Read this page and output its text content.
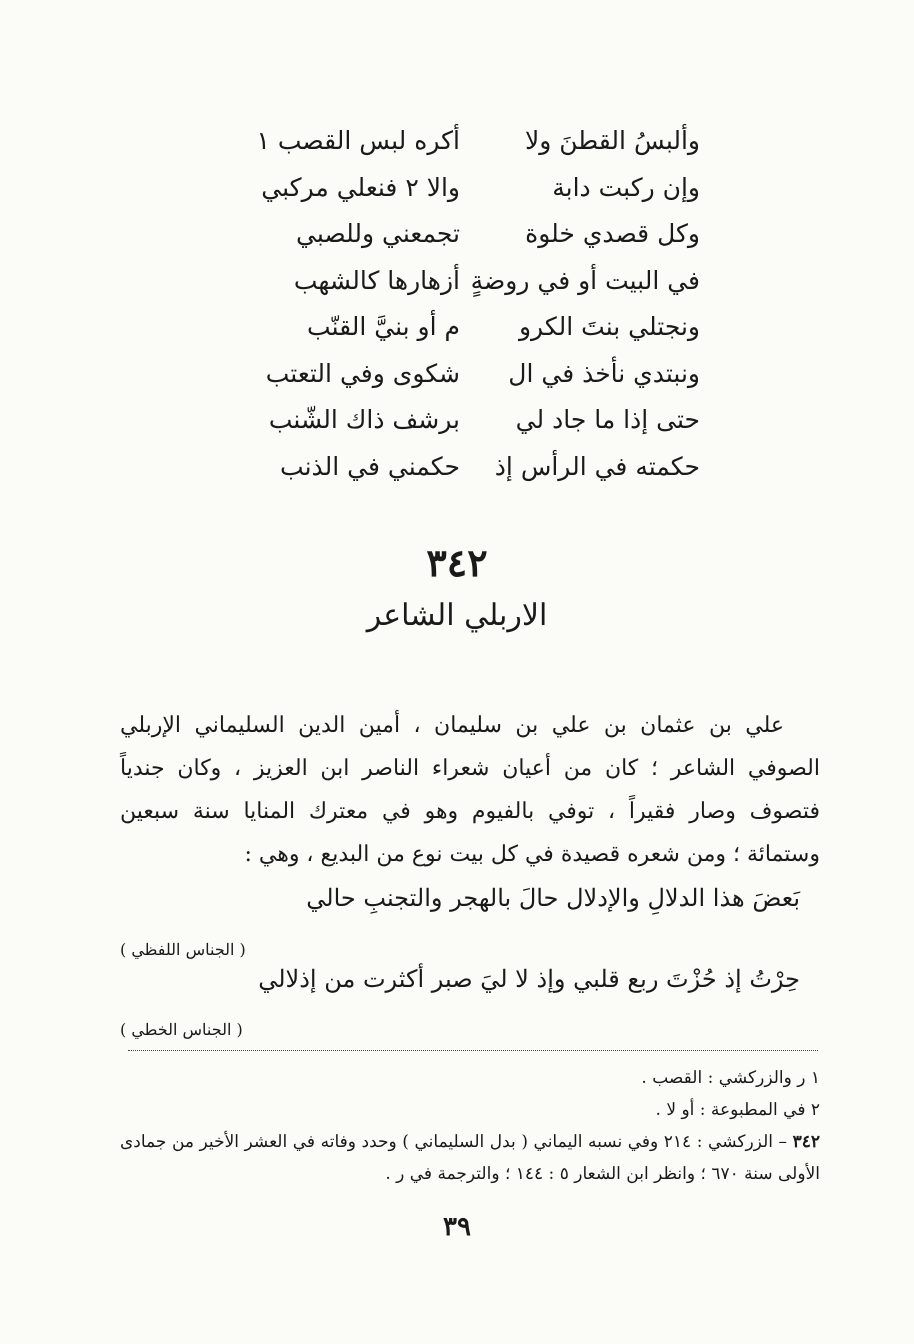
وألبسُ القطنَ ولا
أكره لبس القصب ١
وإن ركبت دابة
والا ٢ فنعلي مركبي
وكل قصدي خلوة
تجمعني وللصبي
في البيت أو في روضةٍ
أزهارها كالشهب
ونجتلي بنتَ الكرو
م أو بنيَّ القنّب
ونبتدي نأخذ في ال
شكوى وفي التعتب
حتى إذا ما جاد لي
برشف ذاك الشّنب
حكمته في الرأس إذ
حكمني في الذنب
٣٤٢
الاربلي الشاعر

علي بن عثمان بن علي بن سليمان ، أمين الدين السليماني الإربلي الصوفي الشاعر ؛ كان من أعيان شعراء الناصر ابن العزيز ، وكان جندياً فتصوف وصار فقيراً ، توفي بالفيوم وهو في معترك المنايا سنة سبعين وستمائة ؛ ومن شعره قصيدة في كل بيت نوع من البديع ، وهي :

بَعضَ هذا الدلالِ والإدلال حالَ بالهجر والتجنبِ حالي
( الجناس اللفظي )
حِرْتُ إذ حُزْتَ ربع قلبي وإذ لا ليَ صبر أكثرت من إذلالي
( الجناس الخطي )

١ ر والزركشي : القصب .

٢ في المطبوعة : أو لا .

٣٤٢ – الزركشي : ٢١٤ وفي نسبه اليماني ( بدل السليماني ) وحدد وفاته في العشر الأخير من جمادى الأولى سنة ٦٧٠ ؛ وانظر ابن الشعار ٥ : ١٤٤ ؛ والترجمة في ر .

٣٩
